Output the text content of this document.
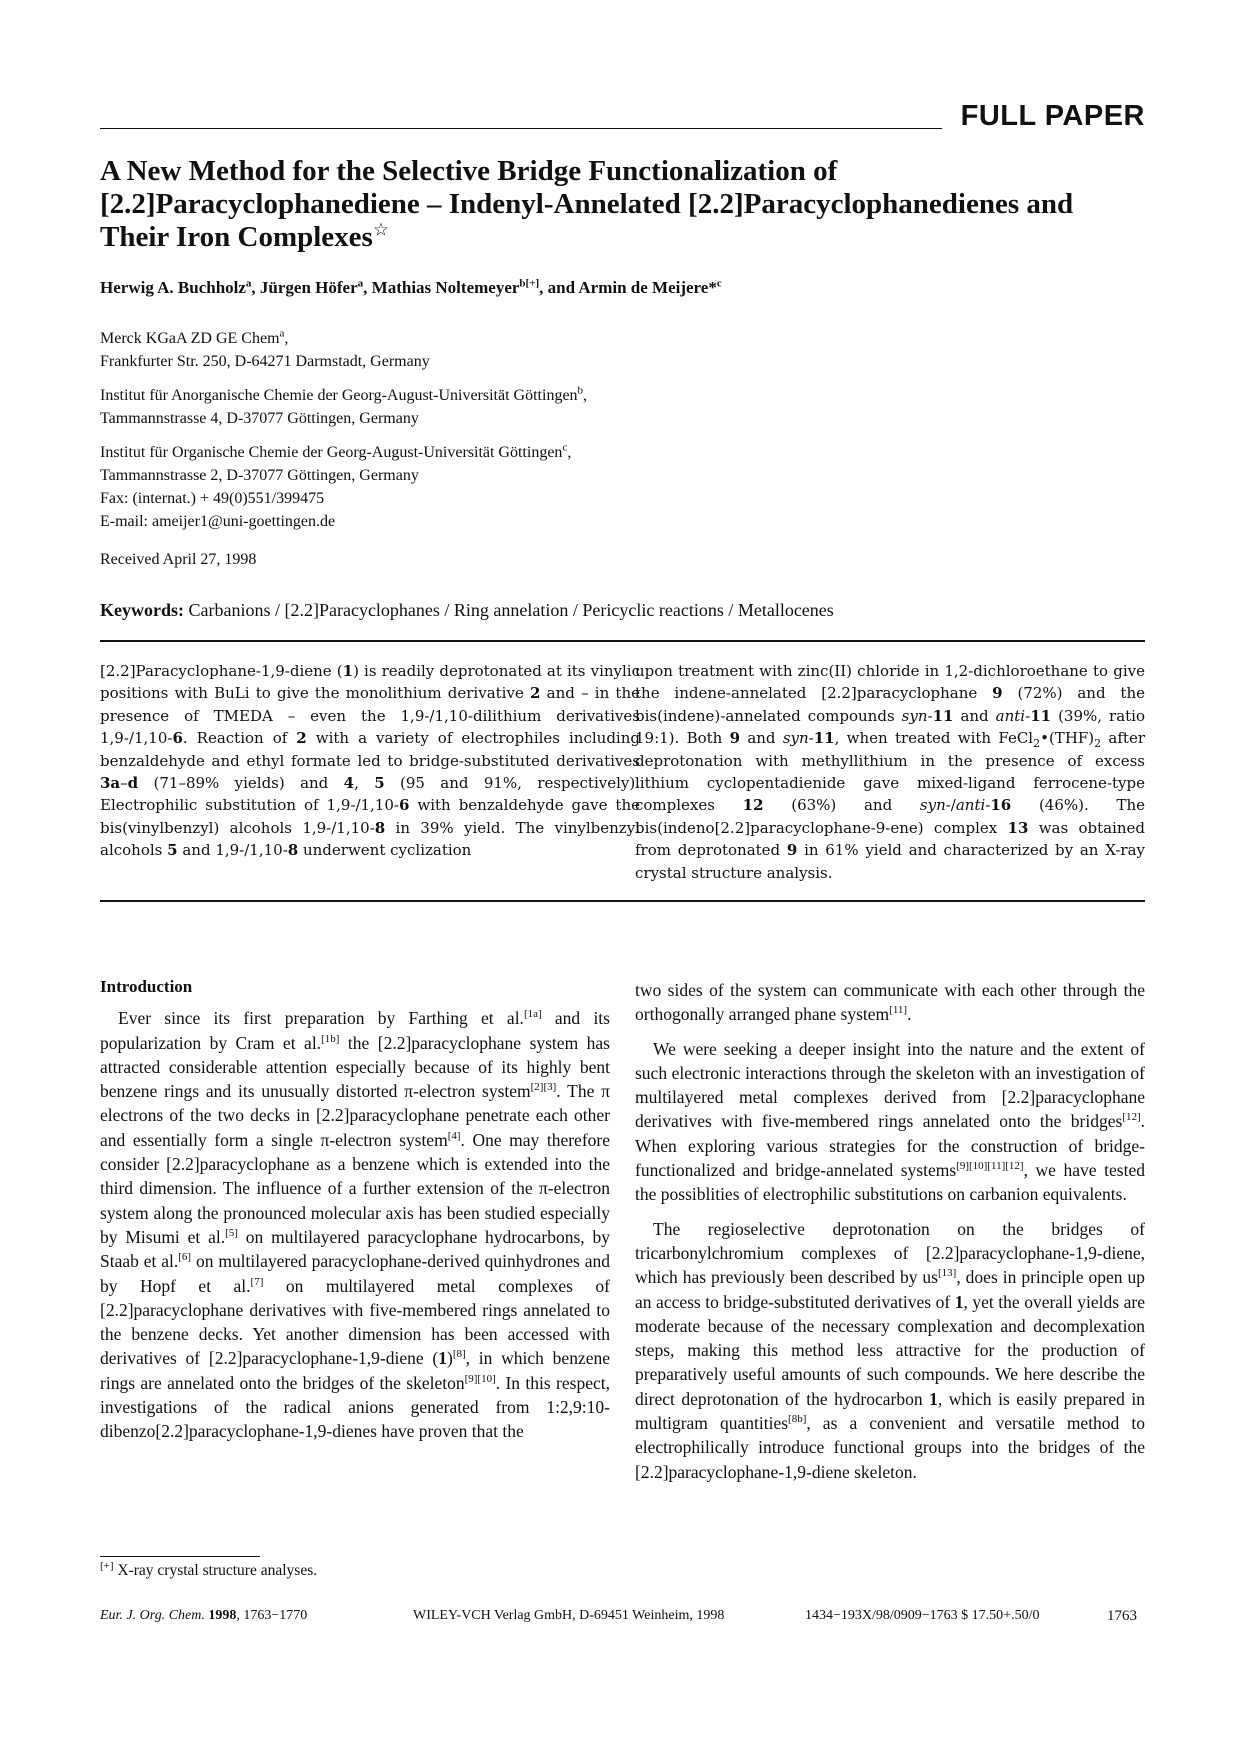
FULL PAPER
A New Method for the Selective Bridge Functionalization of
[2.2]Paracyclophanediene – Indenyl-Annelated [2.2]Paracyclophanedienes and
Their Iron Complexes☆
Herwig A. Buchholz$^a$, Jürgen Höfer$^a$, Mathias Noltemeyer$^{b[+]}$, and Armin de Meijere*$^c$
Merck KGaA ZD GE Chem$^a$,
Frankfurter Str. 250, D-64271 Darmstadt, Germany
Institut für Anorganische Chemie der Georg-August-Universität Göttingen$^b$,
Tammannstrasse 4, D-37077 Göttingen, Germany
Institut für Organische Chemie der Georg-August-Universität Göttingen$^c$,
Tammannstrasse 2, D-37077 Göttingen, Germany
Fax: (internat.) + 49(0)551/399475
E-mail: ameijer1@uni-goettingen.de
Received April 27, 1998
Keywords: Carbanions / [2.2]Paracyclophanes / Ring annelation / Pericyclic reactions / Metallocenes

[2.2]Paracyclophane-1,9-diene (1) is readily deprotonated at its vinylic positions with BuLi to give the monolithium derivative 2 and – in the presence of TMEDA – even the 1,9-/1,10-dilithium derivatives 1,9-/1,10-6. Reaction of 2 with a variety of electrophiles including benzaldehyde and ethyl formate led to bridge-substituted derivatives 3a–d (71–89% yields) and 4, 5 (95 and 91%, respectively). Electrophilic substitution of 1,9-/1,10-6 with benzaldehyde gave the bis(vinylbenzyl) alcohols 1,9-/1,10-8 in 39% yield. The vinylbenzyl alcohols 5 and 1,9-/1,10-8 underwent cyclization

upon treatment with zinc(II) chloride in 1,2-dichloroethane to give the indene-annelated [2.2]paracyclophane 9 (72%) and the bis(indene)-annelated compounds syn-11 and anti-11 (39%, ratio 19:1). Both 9 and syn-11, when treated with $FeCl_2•(THF)_2$ after deprotonation with methyllithium in the presence of excess lithium cyclopentadienide gave mixed-ligand ferrocene-type complexes 12 (63%) and syn-/anti-16 (46%). The bis(indeno[2.2]paracyclophane-9-ene) complex 13 was obtained from deprotonated 9 in 61% yield and characterized by an X-ray crystal structure analysis.

Introduction

Ever since its first preparation by Farthing et al.[1a] and its popularization by Cram et al.[1b] the [2.2]paracyclophane system has attracted considerable attention especially because of its highly bent benzene rings and its unusually distorted π-electron system[2][3]. The π electrons of the two decks in [2.2]paracyclophane penetrate each other and essentially form a single π-electron system[4]. One may therefore consider [2.2]paracyclophane as a benzene which is extended into the third dimension. The influence of a further extension of the π-electron system along the pronounced molecular axis has been studied especially by Misumi et al.[5] on multilayered paracyclophane hydrocarbons, by Staab et al.[6] on multilayered paracyclophane-derived quinhydrones and by Hopf et al.[7] on multilayered metal complexes of [2.2]paracyclophane derivatives with five-membered rings annelated to the benzene decks. Yet another dimension has been accessed with derivatives of [2.2]paracyclophane-1,9-diene (1)[8], in which benzene rings are annelated onto the bridges of the skeleton[9][10]. In this respect, investigations of the radical anions generated from 1:2,9:10-dibenzo[2.2]paracyclophane-1,9-dienes have proven that the

two sides of the system can communicate with each other through the orthogonally arranged phane system[11].

We were seeking a deeper insight into the nature and the extent of such electronic interactions through the skeleton with an investigation of multilayered metal complexes derived from [2.2]paracyclophane derivatives with five-membered rings annelated onto the bridges[12]. When exploring various strategies for the construction of bridge-functionalized and bridge-annelated systems[9][10][11][12], we have tested the possiblities of electrophilic substitutions on carbanion equivalents.

The regioselective deprotonation on the bridges of tricarbonylchromium complexes of [2.2]paracyclophane-1,9-diene, which has previously been described by us[13], does in principle open up an access to bridge-substituted derivatives of 1, yet the overall yields are moderate because of the necessary complexation and decomplexation steps, making this method less attractive for the production of preparatively useful amounts of such compounds. We here describe the direct deprotonation of the hydrocarbon 1, which is easily prepared in multigram quantities[8b], as a convenient and versatile method to electrophilically introduce functional groups into the bridges of the [2.2]paracyclophane-1,9-diene skeleton.

[+] X-ray crystal structure analyses.
Eur. J. Org. Chem. 1998, 1763−1770	WILEY-VCH Verlag GmbH, D-69451 Weinheim, 1998	1434−193X/98/0909−1763 $ 17.50+.50/0	1763
